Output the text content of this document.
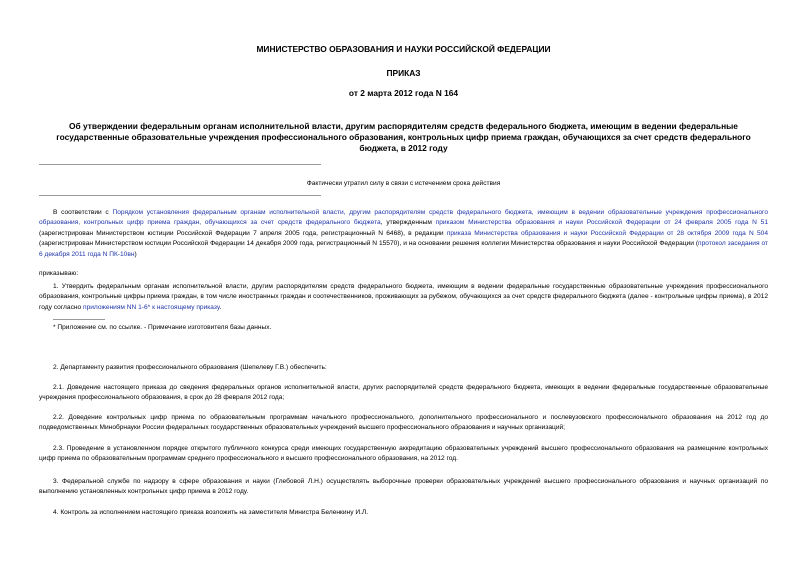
МИНИСТЕРСТВО ОБРАЗОВАНИЯ И НАУКИ РОССИЙСКОЙ ФЕДЕРАЦИИ
ПРИКАЗ
от 2 марта 2012 года N 164
Об утверждении федеральным органам исполнительной власти, другим распорядителям средств федерального бюджета, имеющим в ведении федеральные государственные образовательные учреждения профессионального образования, контрольных цифр приема граждан, обучающихся за счет средств федерального бюджета, в 2012 году
Фактически утратил силу в связи с истечением срока действия
В соответствии с Порядком установления федеральным органам исполнительной власти, другим распорядителям средств федерального бюджета, имеющим в ведении образовательные учреждения профессионального образования, контрольных цифр приема граждан, обучающихся за счет средств федерального бюджета, утвержденным приказом Министерства образования и науки Российской Федерации от 24 февраля 2005 года N 51 (зарегистрирован Министерством юстиции Российской Федерации 7 апреля 2005 года, регистрационный N 6468), в редакции приказа Министерства образования и науки Российской Федерации от 28 октября 2009 года N 504 (зарегистрирован Министерством юстиции Российской Федерации 14 декабря 2009 года, регистрационный N 15570), и на основании решения коллегии Министерства образования и науки Российской Федерации (протокол заседания от 6 декабря 2011 года N ПК-10вн)
приказываю:
1. Утвердить федеральным органам исполнительной власти, другим распорядителям средств федерального бюджета, имеющим в ведении федеральные государственные образовательные учреждения профессионального образования, контрольные цифры приема граждан, в том числе иностранных граждан и соотечественников, проживающих за рубежом, обучающихся за счет средств федерального бюджета (далее - контрольные цифры приема), в 2012 году согласно приложениям NN 1-6* к настоящему приказу.
* Приложение см. по ссылке. - Примечание изготовителя базы данных.
2. Департаменту развития профессионального образования (Шепелеву Г.В.) обеспечить:
2.1. Доведение настоящего приказа до сведения федеральных органов исполнительной власти, других распорядителей средств федерального бюджета, имеющих в ведении федеральные государственные образовательные учреждения профессионального образования, в срок до 28 февраля 2012 года;
2.2. Доведение контрольных цифр приема по образовательным программам начального профессионального, дополнительного профессионального и послевузовского профессионального образования на 2012 год до подведомственных Минобрнауки России федеральных государственных образовательных учреждений высшего профессионального образования и научных организаций;
2.3. Проведение в установленном порядке открытого публичного конкурса среди имеющих государственную аккредитацию образовательных учреждений высшего профессионального образования на размещение контрольных цифр приема по образовательным программам среднего профессионального и высшего профессионального образования, на 2012 год.
3. Федеральной службе по надзору в сфере образования и науки (Глебовой Л.Н.) осуществлять выборочные проверки образовательных учреждений высшего профессионального образования и научных организаций по выполнению установленных контрольных цифр приема в 2012 году.
4. Контроль за исполнением настоящего приказа возложить на заместителя Министра Беленкину И.Л.
